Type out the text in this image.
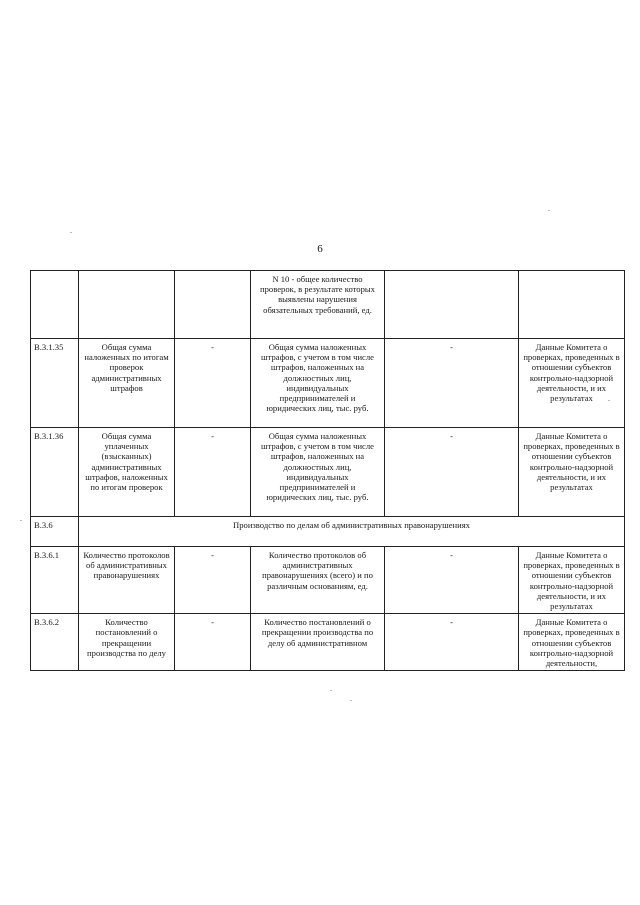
6
			N 10 - общее количество проверок, в результате которых выявлены нарушения обязательных требований, ед.		
В.3.1.35	Общая сумма наложенных по итогам проверок административных штрафов	-	Общая сумма наложенных штрафов, с учетом в том числе штрафов, наложенных на должностных лиц, индивидуальных предпринимателей и юридических лиц, тыс. руб.	-	Данные Комитета о проверках, проведенных в отношении субъектов контрольно-надзорной деятельности, и их результатах
В.3.1.36	Общая сумма уплаченных (взысканных) административных штрафов, наложенных по итогам проверок	-	Общая сумма наложенных штрафов, с учетом в том числе штрафов, наложенных на должностных лиц, индивидуальных предпринимателей и юридических лиц, тыс. руб.	-	Данные Комитета о проверках, проведенных в отношении субъектов контрольно-надзорной деятельности, и их результатах
В.3.6	Производство по делам об административных правонарушениях				
В.3.6.1	Количество протоколов об административных правонарушениях	-	Количество протоколов об административных правонарушениях (всего) и по различным основаниям, ед.	-	Данные Комитета о проверках, проведенных в отношении субъектов контрольно-надзорной деятельности, и их результатах
В.3.6.2	Количество постановлений о прекращении производства по делу	-	Количество постановлений о прекращении производства по делу об административном	-	Данные Комитета о проверках, проведенных в отношении субъектов контрольно-надзорной деятельности,
